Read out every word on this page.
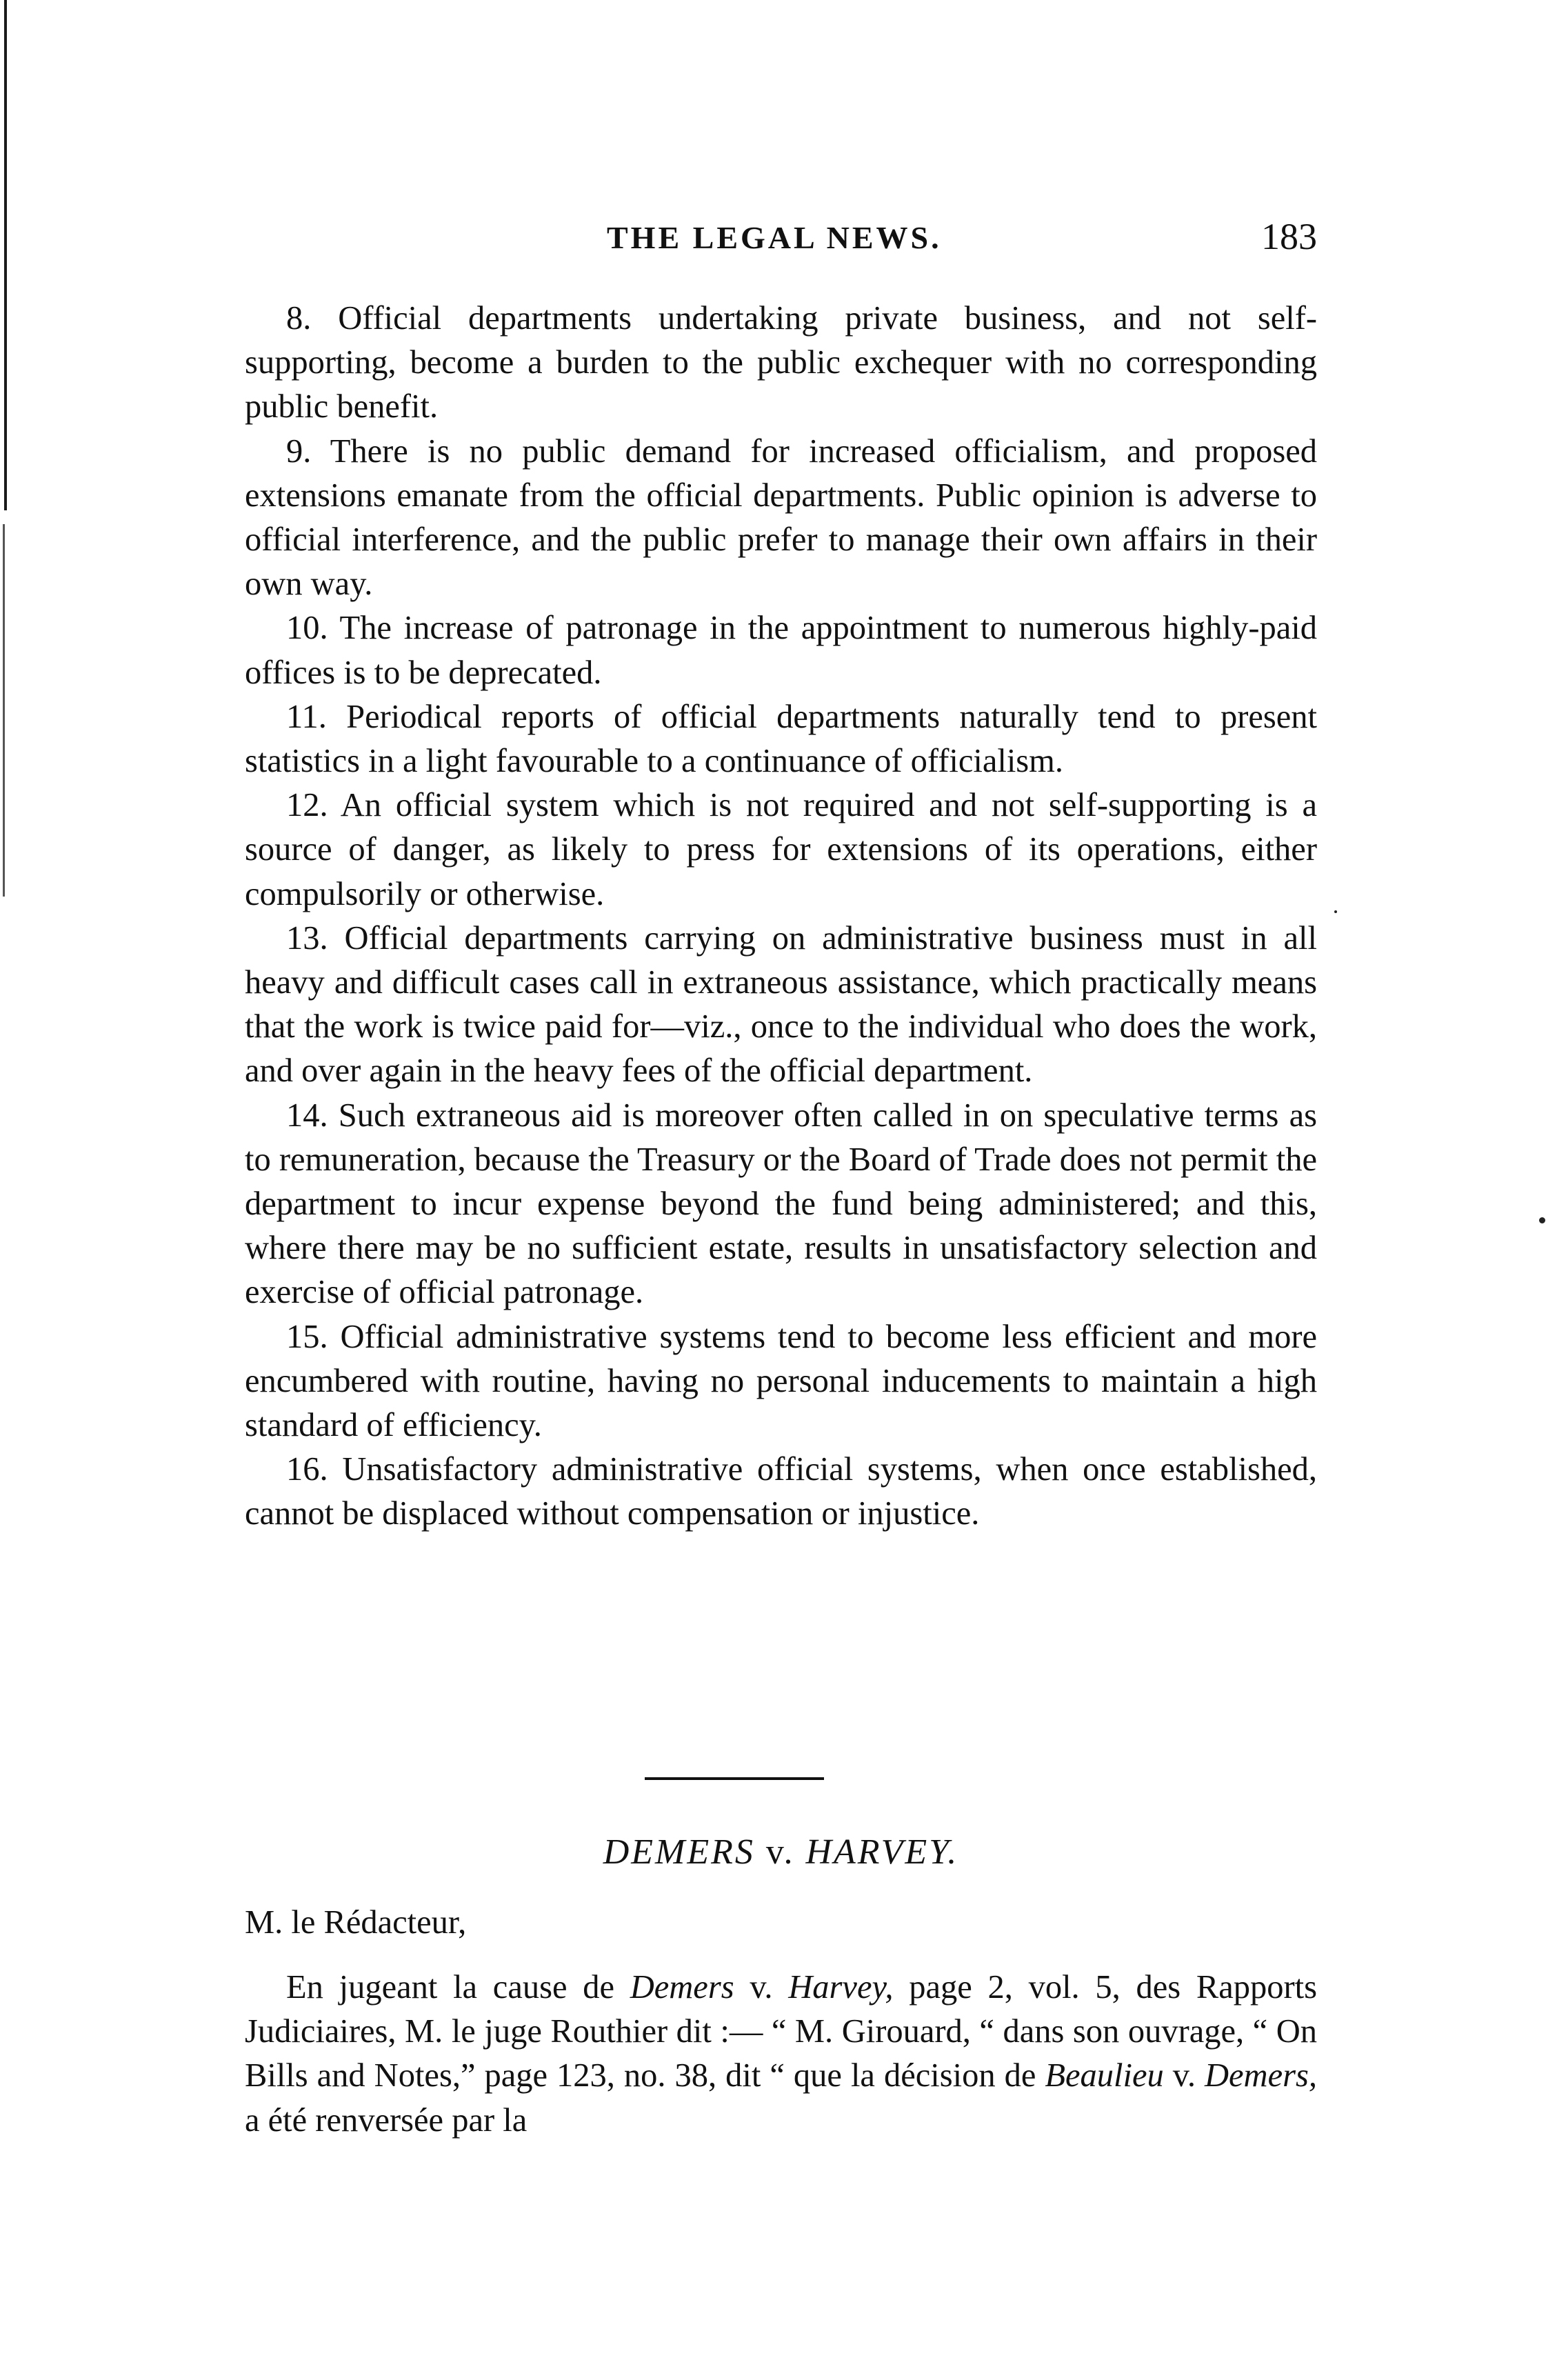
THE LEGAL NEWS.	183

8. Official departments undertaking private business, and not self-supporting, become a burden to the public exchequer with no corresponding public benefit.

9. There is no public demand for increased officialism, and proposed extensions emanate from the official departments. Public opinion is adverse to official interference, and the public prefer to manage their own affairs in their own way.

10. The increase of patronage in the appointment to numerous highly-paid offices is to be deprecated.

11. Periodical reports of official departments naturally tend to present statistics in a light favourable to a continuance of officialism.

12. An official system which is not required and not self-supporting is a source of danger, as likely to press for extensions of its operations, either compulsorily or otherwise.

13. Official departments carrying on administrative business must in all heavy and difficult cases call in extraneous assistance, which practically means that the work is twice paid for—viz., once to the individual who does the work, and over again in the heavy fees of the official department.

14. Such extraneous aid is moreover often called in on speculative terms as to remuneration, because the Treasury or the Board of Trade does not permit the department to incur expense beyond the fund being administered; and this, where there may be no sufficient estate, results in unsatisfactory selection and exercise of official patronage.

15. Official administrative systems tend to become less efficient and more encumbered with routine, having no personal inducements to maintain a high standard of efficiency.

16. Unsatisfactory administrative official systems, when once established, cannot be displaced without compensation or injustice.

DEMERS v. HARVEY.
M. le Rédacteur,

En jugeant la cause de Demers v. Harvey, page 2, vol. 5, des Rapports Judiciaires, M. le juge Routhier dit :— “ M. Girouard, “ dans son ouvrage, “ On Bills and Notes,” page 123, no. 38, dit “ que la décision de Beaulieu v. Demers, a été renversée par la
